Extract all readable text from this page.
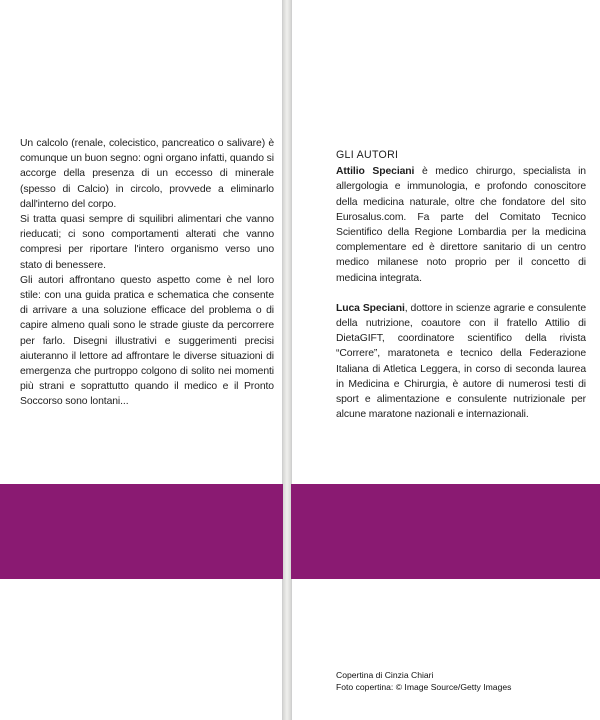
Un calcolo (renale, colecistico, pancreatico o salivare) è comunque un buon segno: ogni organo infatti, quando si accorge della presenza di un eccesso di minerale (spesso di Calcio) in circolo, provvede a eliminarlo dall'interno del corpo.

Si tratta quasi sempre di squilibri alimentari che vanno rieducati; ci sono comportamenti alterati che vanno compresi per riportare l'intero organismo verso uno stato di benessere.

Gli autori affrontano questo aspetto come è nel loro stile: con una guida pratica e schematica che consente di arrivare a una soluzione efficace del problema o di capire almeno quali sono le strade giuste da percorrere per farlo. Disegni illustrativi e suggerimenti precisi aiuteranno il lettore ad affrontare le diverse situazioni di emergenza che purtroppo colgono di solito nei momenti più strani e soprattutto quando il medico e il Pronto Soccorso sono lontani...

GLI AUTORI

Attilio Speciani è medico chirurgo, specialista in allergologia e immunologia, e profondo conoscitore della medicina naturale, oltre che fondatore del sito Eurosalus.com. Fa parte del Comitato Tecnico Scientifico della Regione Lombardia per la medicina complementare ed è direttore sanitario di un centro medico milanese noto proprio per il concetto di medicina integrata.

Luca Speciani, dottore in scienze agrarie e consulente della nutrizione, coautore con il fratello Attilio di DietaGIFT, coordinatore scientifico della rivista “Correre”, maratoneta e tecnico della Federazione Italiana di Atletica Leggera, in corso di seconda laurea in Medicina e Chirurgia, è autore di numerosi testi di sport e alimentazione e consulente nutrizionale per alcune maratone nazionali e internazionali.

Copertina di Cinzia Chiari
Foto copertina: © Image Source/Getty Images
